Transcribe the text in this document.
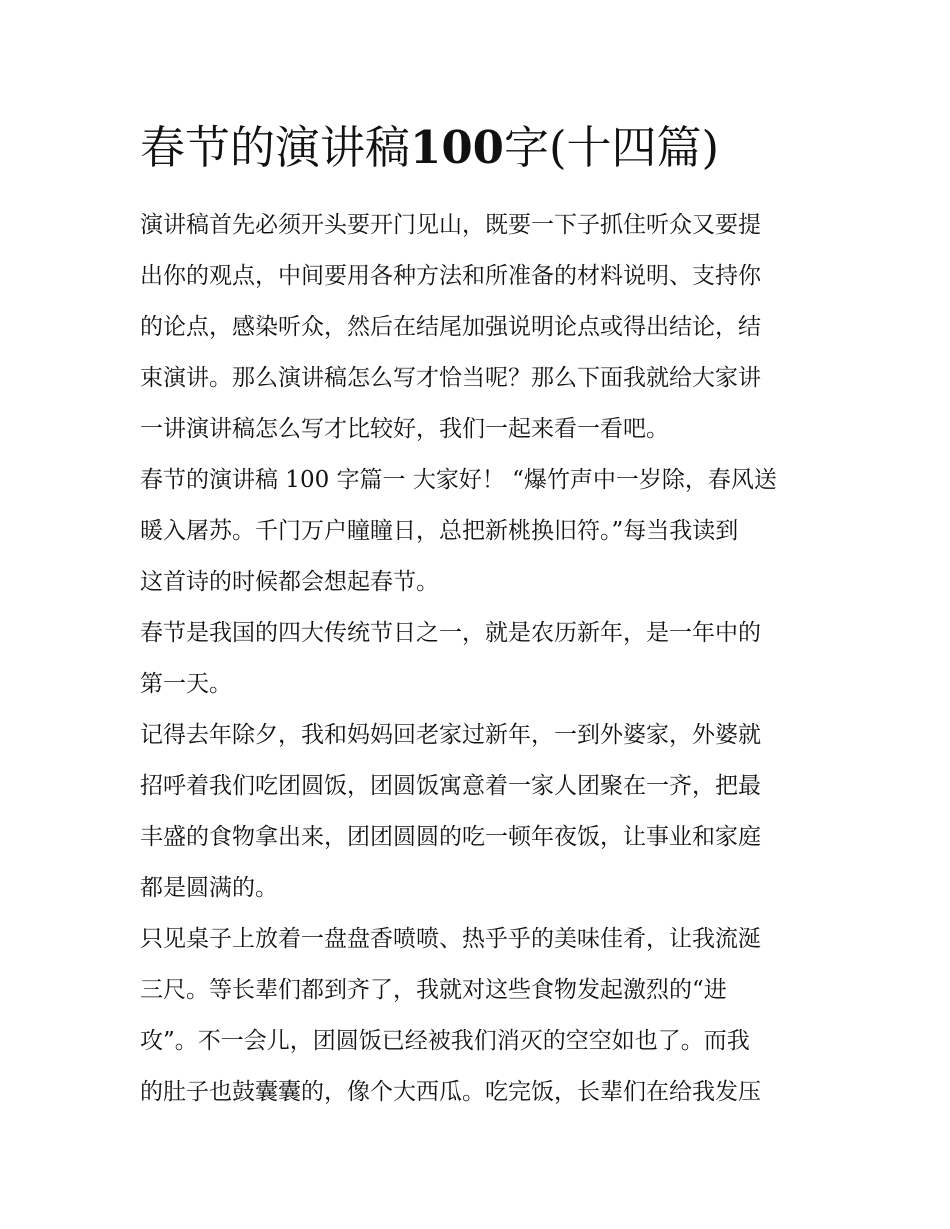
春节的演讲稿100字(十四篇)
演讲稿首先必须开头要开门见山，既要一下子抓住听众又要提
出你的观点，中间要用各种方法和所准备的材料说明、支持你
的论点，感染听众，然后在结尾加强说明论点或得出结论，结
束演讲。那么演讲稿怎么写才恰当呢？那么下面我就给大家讲
一讲演讲稿怎么写才比较好，我们一起来看一看吧。
春节的演讲稿 100 字篇一 大家好！ “爆竹声中一岁除，春风送
暖入屠苏。千门万户瞳瞳日，总把新桃换旧符。”每当我读到
这首诗的时候都会想起春节。
春节是我国的四大传统节日之一，就是农历新年，是一年中的
第一天。
记得去年除夕，我和妈妈回老家过新年，一到外婆家，外婆就
招呼着我们吃团圆饭，团圆饭寓意着一家人团聚在一齐，把最
丰盛的食物拿出来，团团圆圆的吃一顿年夜饭，让事业和家庭
都是圆满的。
只见桌子上放着一盘盘香喷喷、热乎乎的美味佳肴，让我流涎
三尺。等长辈们都到齐了，我就对这些食物发起激烈的“进
攻”。不一会儿，团圆饭已经被我们消灭的空空如也了。而我
的肚子也鼓囊囊的，像个大西瓜。吃完饭，长辈们在给我发压
